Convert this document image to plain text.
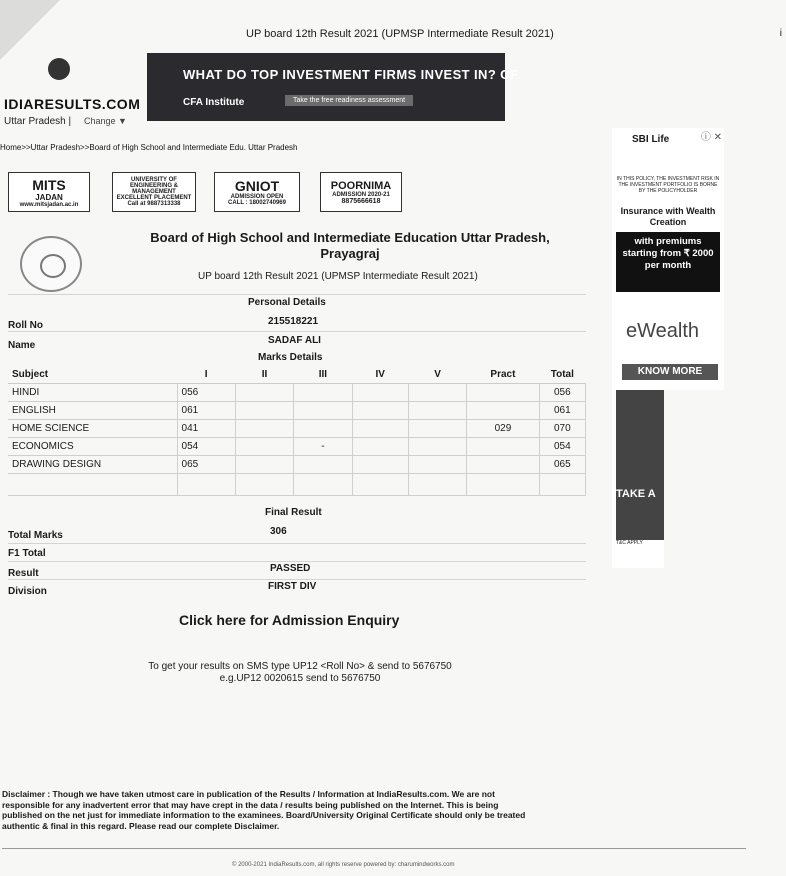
UP board 12th Result 2021 (UPMSP Intermediate Result 2021)	i
IDIARESULTS.COM
Uttar Pradesh | Change ▼
WHAT DO TOP INVESTMENT FIRMS INVEST IN? CF
CFA Institute	Take the free readiness assessment
Home>>Uttar Pradesh>>Board of High School and Intermediate Edu. Uttar Pradesh
MITS
JADAN
www.mitsjadan.ac.in
UNIVERSITY OF ENGINEERING & MANAGEMENT
EXCELLENT PLACEMENT
Call at 9887313338
GNIOT
ADMISSION OPEN
CALL : 18002740969
POORNIMA
ADMISSION 2020-21
8875666618
Board of High School and Intermediate Education Uttar Pradesh, Prayagraj
UP board 12th Result 2021 (UPMSP Intermediate Result 2021)
Personal Details
Roll No	215518221
Name	SADAF ALI
Marks Details
Subject	I	II	III	IV	V	Pract	Total
HINDI	056						056
ENGLISH	061						061
HOME SCIENCE	041					029	070
ECONOMICS	054		-				054
DRAWING DESIGN	065						065

Final Result
Total Marks	306
F1 Total
Result	PASSED
Division	FIRST DIV
SBI Life	ⓘ ✕
IN THIS POLICY, THE INVESTMENT RISK IN THE INVESTMENT PORTFOLIO IS BORNE BY THE POLICYHOLDER
Insurance with Wealth Creation
with premiums starting from ₹ 2000 per month
eWealth
KNOW MORE
TAKE A
T&C APPLY
Click here for Admission Enquiry
To get your results on SMS type UP12 <Roll No> & send to 5676750
e.g.UP12 0020615 send to 5676750
Disclaimer : Though we have taken utmost care in publication of the Results / Information at IndiaResults.com. We are not responsible for any inadvertent error that may have crept in the data / results being published on the Internet. This is being published on the net just for immediate information to the examinees. Board/University Original Certificate should only be treated authentic & final in this regard. Please read our complete Disclaimer.
© 2000-2021 IndiaResults.com, all rights reserve powered by: charumindworks.com
